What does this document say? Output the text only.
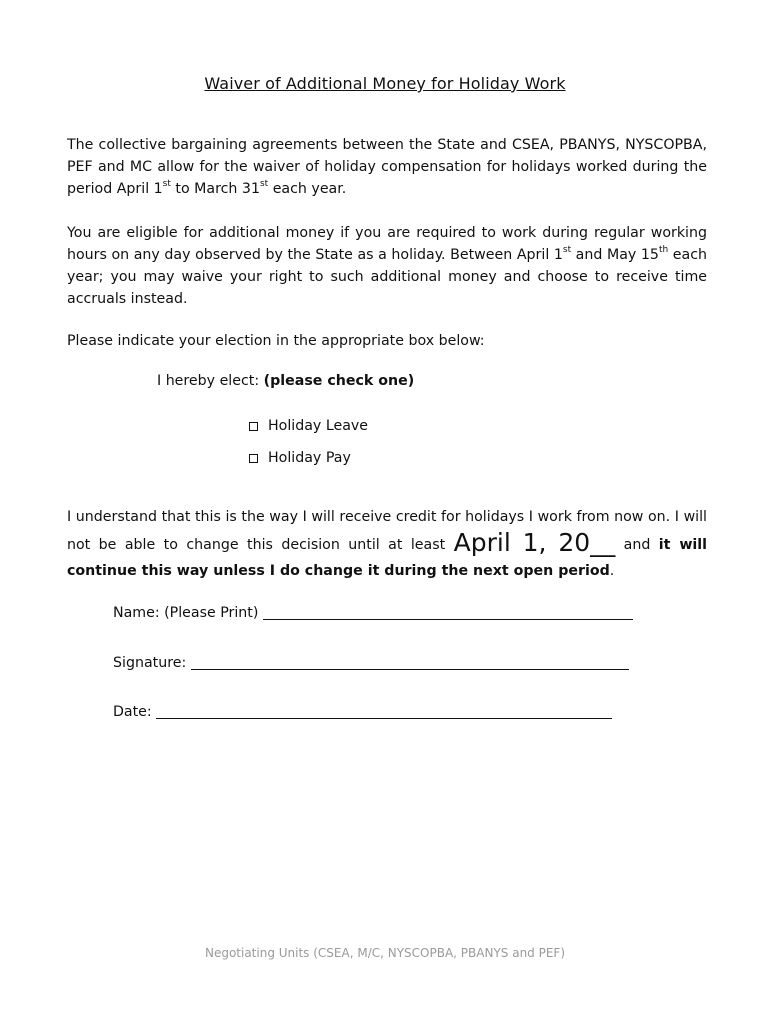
Waiver of Additional Money for Holiday Work

The collective bargaining agreements between the State and CSEA, PBANYS, NYSCOPBA, PEF and MC allow for the waiver of holiday compensation for holidays worked during the period April 1st to March 31st each year.

You are eligible for additional money if you are required to work during regular working hours on any day observed by the State as a holiday. Between April 1st and May 15th each year; you may waive your right to such additional money and choose to receive time accruals instead.

Please indicate your election in the appropriate box below:

I hereby elect: (please check one)
Holiday Leave
Holiday Pay

I understand that this is the way I will receive credit for holidays I work from now on. I will not be able to change this decision until at least April 1, 20__ and it will continue this way unless I do change it during the next open period.

Name: (Please Print)
Signature:
Date:
Negotiating Units (CSEA, M/C, NYSCOPBA, PBANYS and PEF)
